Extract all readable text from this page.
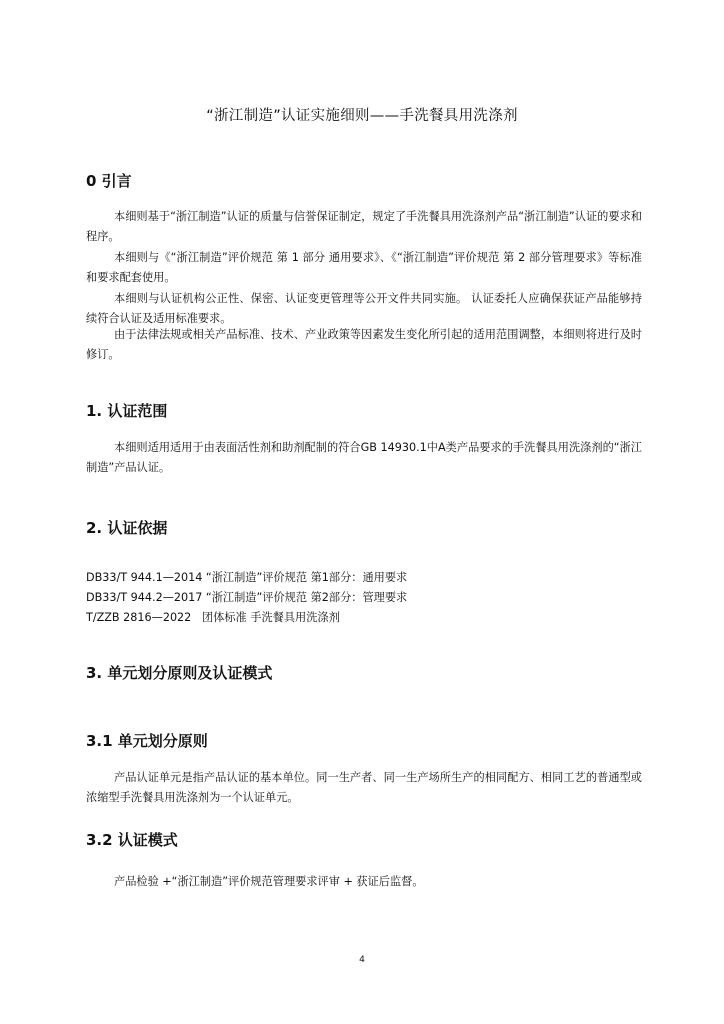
“浙江制造”认证实施细则——手洗餐具用洗涤剂
0 引言

本细则基于“浙江制造”认证的质量与信誉保证制定，规定了手洗餐具用洗涤剂产品“浙江制造”认证的要求和程序。

本细则与《“浙江制造”评价规范 第 1 部分 通用要求》、《“浙江制造”评价规范 第 2 部分管理要求》等标准和要求配套使用。

本细则与认证机构公正性、保密、认证变更管理等公开文件共同实施。 认证委托人应确保获证产品能够持续符合认证及适用标准要求。

由于法律法规或相关产品标准、技术、产业政策等因素发生变化所引起的适用范围调整，本细则将进行及时修订。

1. 认证范围

本细则适用适用于由表面活性剂和助剂配制的符合GB 14930.1中A类产品要求的手洗餐具用洗涤剂的“浙江制造”产品认证。

2. 认证依据

DB33/T 944.1—2014 “浙江制造”评价规范 第1部分：通用要求

DB33/T 944.2—2017 “浙江制造”评价规范 第2部分：管理要求

T/ZZB 2816—2022   团体标准 手洗餐具用洗涤剂

3. 单元划分原则及认证模式
3.1 单元划分原则

产品认证单元是指产品认证的基本单位。同一生产者、同一生产场所生产的相同配方、相同工艺的普通型或浓缩型手洗餐具用洗涤剂为一个认证单元。

3.2 认证模式

产品检验 +“浙江制造”评价规范管理要求评审 + 获证后监督。

4
